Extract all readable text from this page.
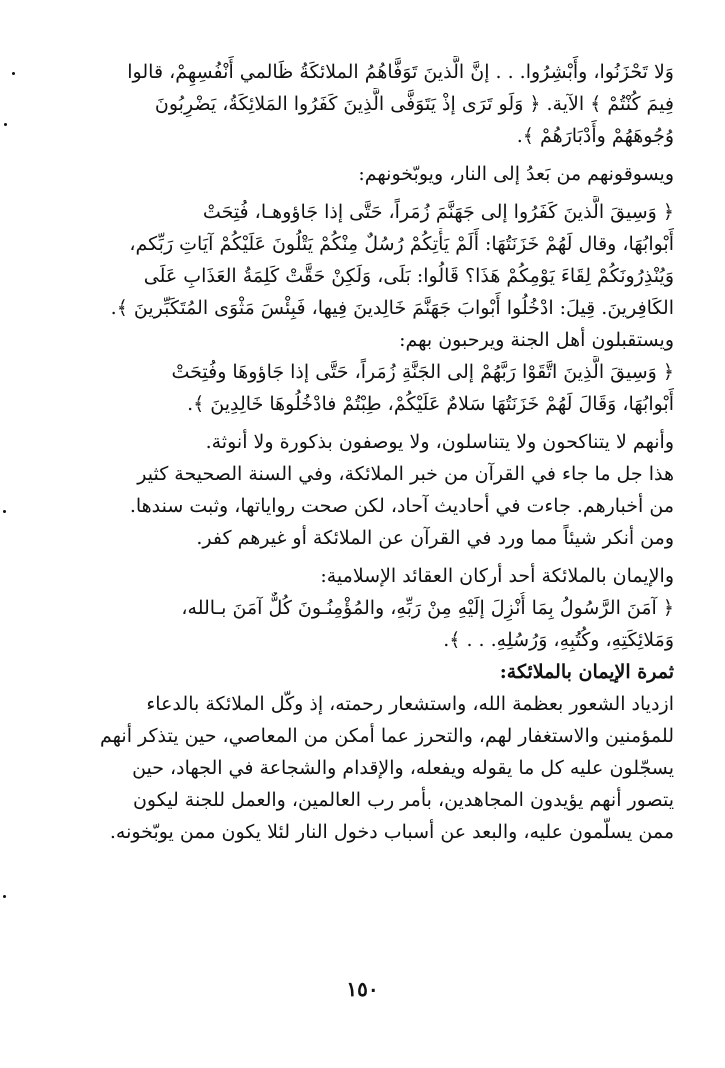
وَلا تَحْزَنُوا، وأَبْشِرُوا. . . إنَّ الَّذينَ تَوَفَّاهُمُ الملائكَةُ ظَالمي أَنْفُسِهِمْ، قالوا
فِيمَ كُنْتُمْ ﴾ الآية. ﴿ وَلَو تَرَى إذْ يَتَوَفَّى الَّذِينَ كَفَرُوا المَلائِكَةُ، يَضْرِبُونَ
وُجُوهَهُمْ وأَدْبَارَهُمْ ﴾.
ويسوقونهم من بَعدُ إلى النار، ويوبّخونهم:
﴿ وَسِيقَ الَّذينَ كَفَرُوا إلى جَهَنَّمَ زُمَراً، حَتَّى إذا جَاؤوهـا، فُتِحَتْ
أَبْوابُهَا، وقال لَهُمْ خَزَنَتُهَا: أَلَمْ يَأْتِكُمْ رُسُلٌ مِنْكُمْ يَتْلُونَ عَلَيْكُمْ آيَاتِ رَبِّكم،
وَيُنْذِرُونَكُمْ لِقَاءَ يَوْمِكُمْ هَذَا؟ قَالُوا: بَلَى، وَلَكِنْ حَقَّتْ كَلِمَةُ العَذَابِ عَلَى
الكَافِرينَ. قِيلَ: ادْخُلُوا أَبْوابَ جَهَنَّمَ خَالِدينَ فِيها، فَبِئْسَ مَثْوَى المُتَكَبِّرينَ ﴾.
ويستقبلون أهل الجنة ويرحبون بهم:
﴿ وَسِيقَ الَّذِينَ اتَّقَوْا رَبَّهُمْ إلى الجَنَّةِ زُمَراً، حَتَّى إذا جَاؤوهَا وفُتِحَتْ
أَبْوابُهَا، وَقَالَ لَهُمْ خَزَنَتُهَا سَلامٌ عَلَيْكُمْ، طِبْتُمْ فادْخُلُوهَا خَالِدِينَ ﴾.
وأنهم لا يتناكحون ولا يتناسلون، ولا يوصفون بذكورة ولا أنوثة.
هذا جل ما جاء في القرآن من خبر الملائكة، وفي السنة الصحيحة كثير
من أخبارهم. جاءت في أحاديث آحاد، لكن صحت رواياتها، وثبت سندها.
ومن أنكر شيئاً مما ورد في القرآن عن الملائكة أو غيرهم كفر.
والإيمان بالملائكة أحد أركان العقائد الإسلامية:
﴿ آمَنَ الرَّسُولُ بِمَا أُنْزِلَ إلَيْهِ مِنْ رَبِّهِ، والمُؤْمِنُـونَ كُلٌّ آمَنَ بـالله،
وَمَلائِكَتِهِ، وكُتُبِهِ، وَرُسُلِهِ. . . ﴾.
ثمرة الإيمان بالملائكة:
ازدياد الشعور بعظمة الله، واستشعار رحمته، إذ وكّل الملائكة بالدعاء
للمؤمنين والاستغفار لهم، والتحرز عما أمكن من المعاصي، حين يتذكر أنهم
يسجّلون عليه كل ما يقوله ويفعله، والإقدام والشجاعة في الجهاد، حين
يتصور أنهم يؤيدون المجاهدين، بأمر رب العالمين، والعمل للجنة ليكون
ممن يسلّمون عليه، والبعد عن أسباب دخول النار لئلا يكون ممن يوبّخونه.
١٥٠
